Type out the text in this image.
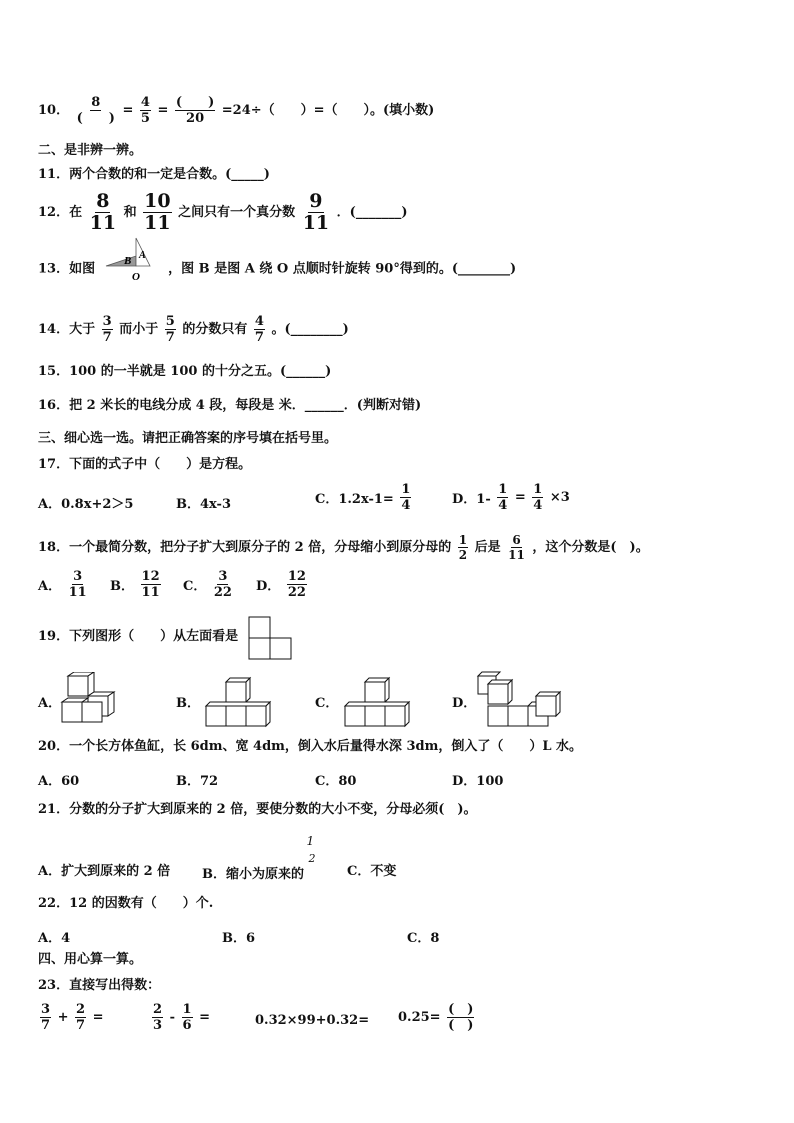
10． $\frac{8}{( )} = \frac{4}{5} = \frac{( )}{20} =24\div$（　　）=（　　）。(填小数)
二、是非辨一辨。
11．两个合数的和一定是合数。(_____)
12．在 $\frac{8}{11}$ 和 $\frac{10}{11}$ 之间只有一个真分数 $\frac{9}{11}$ ．(_______)
13．如图
B A
O
，图 B 是图 A 绕 O 点顺时针旋转 90°得到的。(________)
14．大于 $\frac{3}{7}$ 而小于 $\frac{5}{7}$ 的分数只有 $\frac{4}{7}$ 。(________)
15．100 的一半就是 100 的十分之五。(______)
16．把 2 米长的电线分成 4 段，每段是 米．______．(判断对错)
三、细心选一选。请把正确答案的序号填在括号里。
17．下面的式子中（　　）是方程。
A．0.8x+2＞5	B．4x-3	C．$1.2x-1= \frac{1}{4}$	D．$1- \frac{1}{4} = \frac{1}{4} \times 3$
18．一个最简分数，把分子扩大到原分子的 2 倍，分母缩小到原分母的 $\frac{1}{2}$ 后是 $\frac{6}{11}$ ，这个分数是(　)。
A． $\frac{3}{11}$ B． $\frac{12}{11}$ C． $\frac{3}{22}$ D． $\frac{12}{22}$
19．下列图形（　　）从左面看是
A．	B．	C．	D．
20．一个长方体鱼缸，长 6dm、宽 4dm，倒入水后量得水深 3dm，倒入了（　　）L 水。
A．60	B．72	C．80	D．100
21．分数的分子扩大到原来的 2 倍，要使分数的大小不变，分母必须(　)。
A．扩大到原来的 2 倍 B．缩小为原来的
1
2
C．不变
22．12 的因数有（　　）个.
A．4	B．6	C．8
四、用心算一算。
23．直接写出得数：
$\frac{3}{7} + \frac{2}{7}$ =	$\frac{2}{3} - \frac{1}{6}$ =	$0.32\times 99+0.32= 0.25= \frac{( )}{( )}$
